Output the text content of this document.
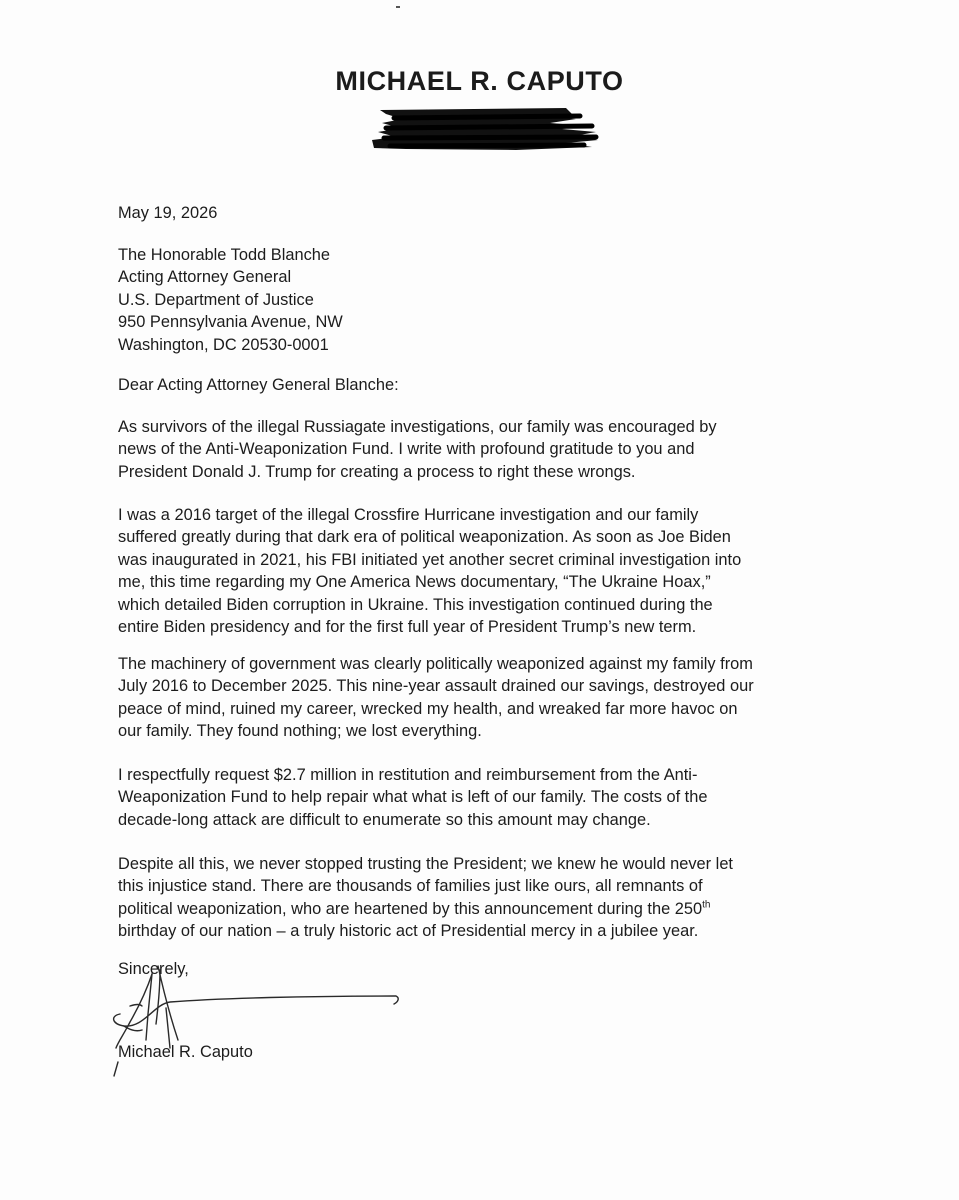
MICHAEL R. CAPUTO

May 19, 2026

The Honorable Todd Blanche
Acting Attorney General
U.S. Department of Justice
950 Pennsylvania Avenue, NW
Washington, DC 20530-0001

Dear Acting Attorney General Blanche:

As survivors of the illegal Russiagate investigations, our family was encouraged by
news of the Anti-Weaponization Fund. I write with profound gratitude to you and
President Donald J. Trump for creating a process to right these wrongs.
I was a 2016 target of the illegal Crossfire Hurricane investigation and our family
suffered greatly during that dark era of political weaponization. As soon as Joe Biden
was inaugurated in 2021, his FBI initiated yet another secret criminal investigation into
me, this time regarding my One America News documentary, “The Ukraine Hoax,”
which detailed Biden corruption in Ukraine. This investigation continued during the
entire Biden presidency and for the first full year of President Trump’s new term.
The machinery of government was clearly politically weaponized against my family from
July 2016 to December 2025. This nine-year assault drained our savings, destroyed our
peace of mind, ruined my career, wrecked my health, and wreaked far more havoc on
our family. They found nothing; we lost everything.
I respectfully request $2.7 million in restitution and reimbursement from the Anti-
Weaponization Fund to help repair what what is left of our family. The costs of the
decade-long attack are difficult to enumerate so this amount may change.
Despite all this, we never stopped trusting the President; we knew he would never let
this injustice stand. There are thousands of families just like ours, all remnants of
political weaponization, who are heartened by this announcement during the 250th
birthday of our nation – a truly historic act of Presidential mercy in a jubilee year.

Sincerely,

Michael R. Caputo
